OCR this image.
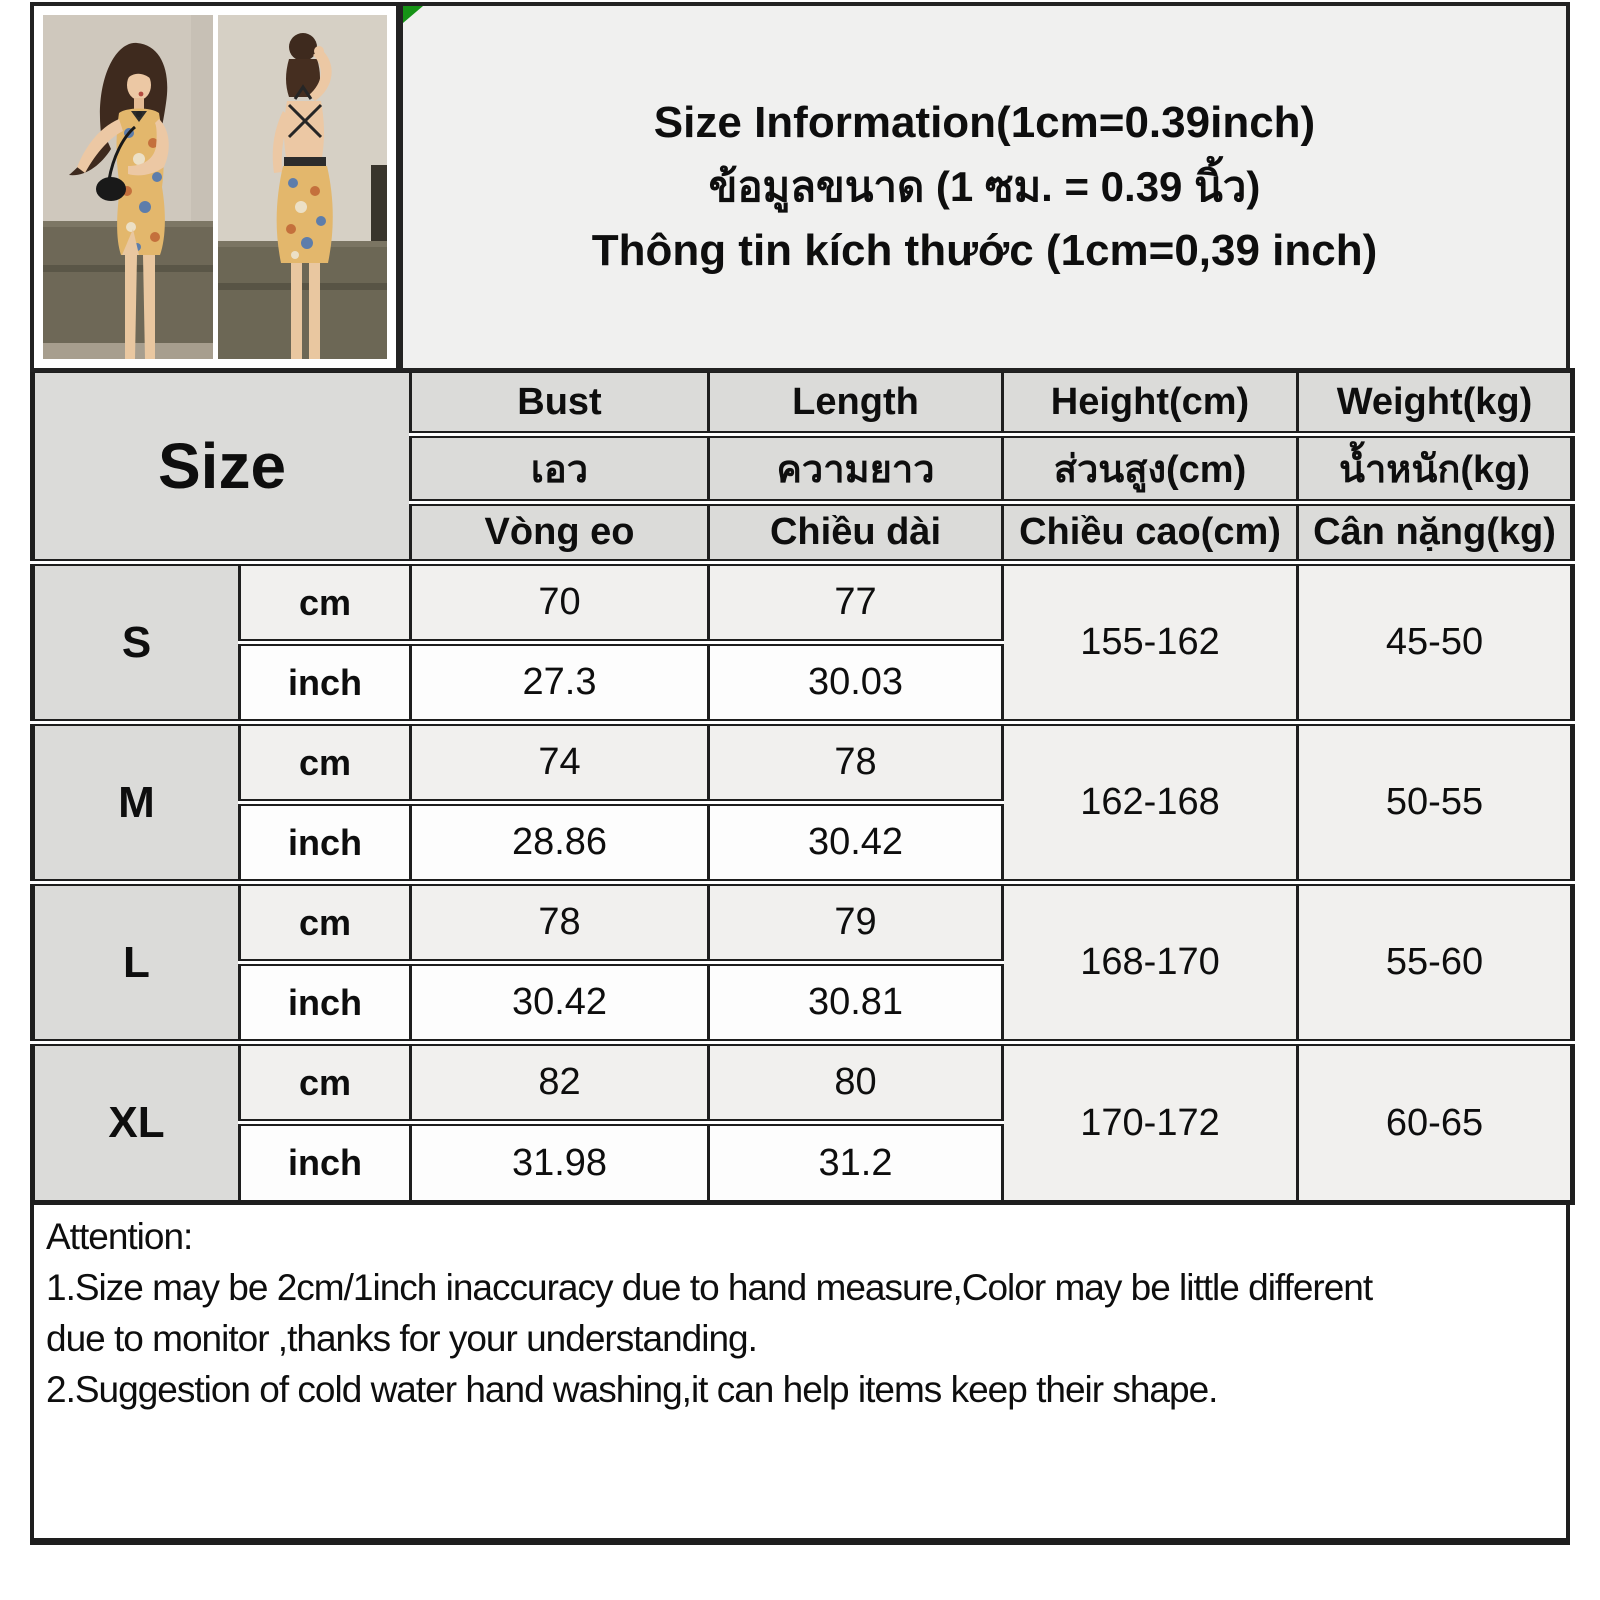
Size Information(1cm=0.39inch)
ข้อมูลขนาด (1 ซม. = 0.39 นิ้ว)
Thông tin kích thước (1cm=0,39 inch)
Size		Bust	Length	Height(cm)	Weight(kg)
		เอว	ความยาว	ส่วนสูง(cm)	น้ำหนัก(kg)
		Vòng eo	Chiều dài	Chiều cao(cm)	Cân nặng(kg)
S	cm	70	77	155-162	45-50
	inch	27.3	30.03		
M	cm	74	78	162-168	50-55
	inch	28.86	30.42		
L	cm	78	79	168-170	55-60
	inch	30.42	30.81		
XL	cm	82	80	170-172	60-65
	inch	31.98	31.2		
Attention:
1.Size may be 2cm/1inch inaccuracy due to hand measure,Color may be little different
due to monitor ,thanks for your understanding.
2.Suggestion of cold water hand washing,it can help items keep their shape.
